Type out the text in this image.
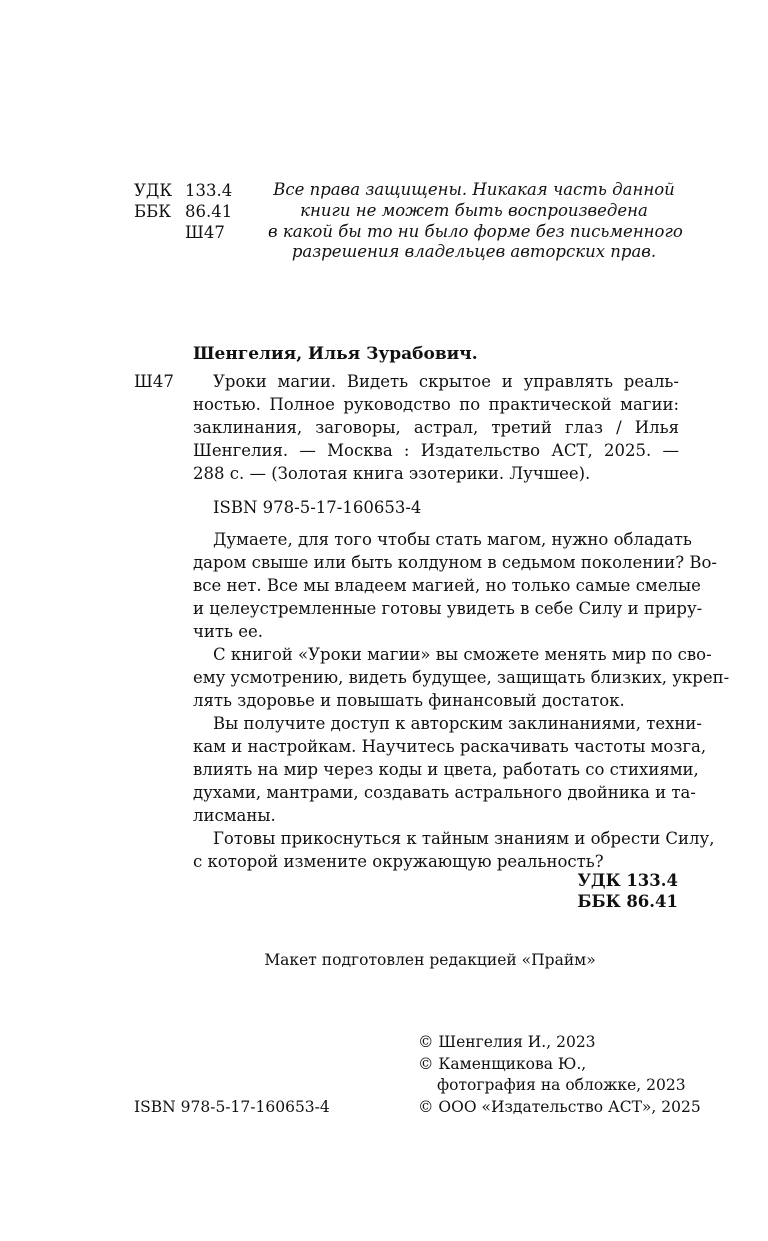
УДК 133.4
ББК 86.41
Ш47
Все права защищены. Никакая часть данной
книги не может быть воспроизведена
в какой бы то ни было форме без письменного
разрешения владельцев авторских прав.
Шенгелия, Илья Зурабович.
Ш47 Уроки магии. Видеть скрытое и управлять реаль-
ностью. Полное руководство по практической магии:
заклинания, заговоры, астрал, третий глаз / Илья
Шенгелия. — Москва : Издательство АСТ, 2025. —
288 с. — (Золотая книга эзотерики. Лучшее).
ISBN 978-5-17-160653-4
Думаете, для того чтобы стать магом, нужно обладать
даром свыше или быть колдуном в седьмом поколении? Во-
все нет. Все мы владеем магией, но только самые смелые
и целеустремленные готовы увидеть в себе Силу и приру-
чить ее.
С книгой «Уроки магии» вы сможете менять мир по сво-
ему усмотрению, видеть будущее, защищать близких, укреп-
лять здоровье и повышать финансовый достаток.
Вы получите доступ к авторским заклинаниями, техни-
кам и настройкам. Научитесь раскачивать частоты мозга,
влиять на мир через коды и цвета, работать со стихиями,
духами, мантрами, создавать астрального двойника и та-
лисманы.
Готовы прикоснуться к тайным знаниям и обрести Силу,
с которой измените окружающую реальность?
УДК 133.4
ББК 86.41
Макет подготовлен редакцией «Прайм»
© Шенгелия И., 2023
© Каменщикова Ю.,
фотография на обложке, 2023
© ООО «Издательство АСТ», 2025
ISBN 978-5-17-160653-4
